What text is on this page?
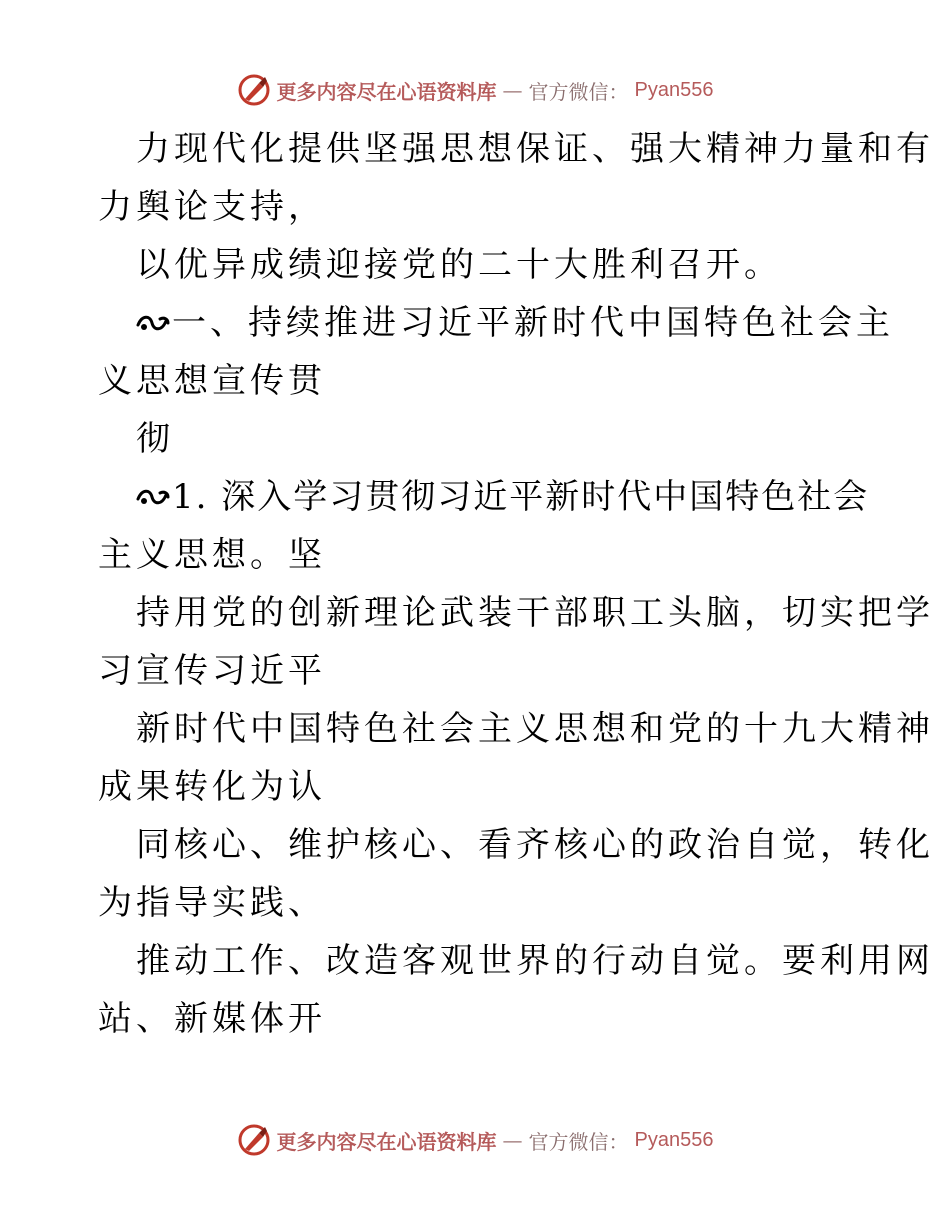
更多内容尽在心语资料库 — 官方微信： Pyan556
力现代化提供坚强思想保证、强大精神力量和有
力舆论支持，
以优异成绩迎接党的二十大胜利召开。
一、持续推进习近平新时代中国特色社会主
义思想宣传贯
彻
1. 深入学习贯彻习近平新时代中国特色社会
主义思想。坚
持用党的创新理论武装干部职工头脑，切实把学
习宣传习近平
新时代中国特色社会主义思想和党的十九大精神
成果转化为认
同核心、维护核心、看齐核心的政治自觉，转化
为指导实践、
推动工作、改造客观世界的行动自觉。要利用网
站、新媒体开
更多内容尽在心语资料库 — 官方微信： Pyan556
